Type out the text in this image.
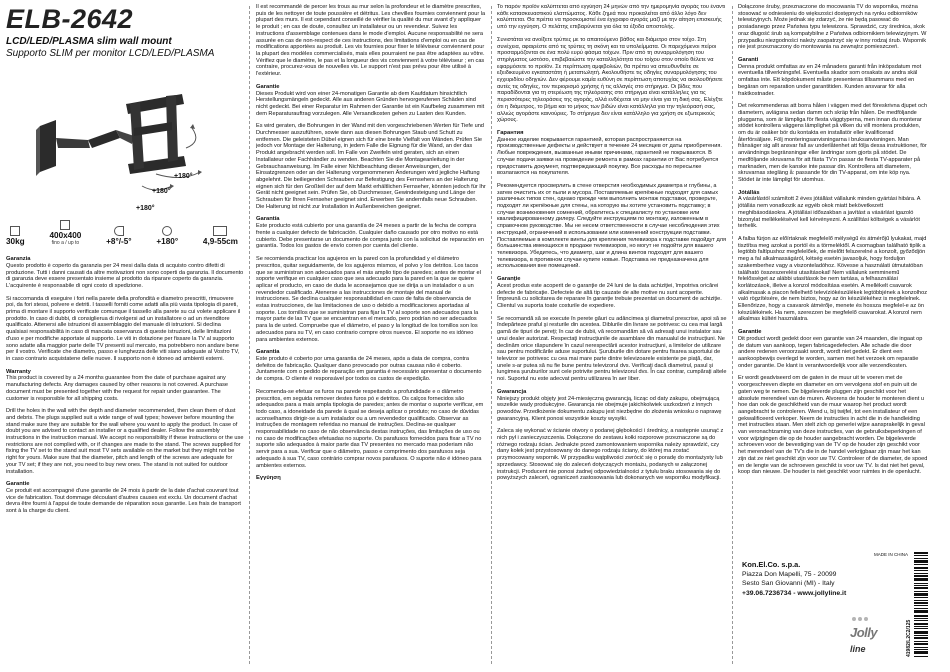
ELB-2642
LCD/LED/PLASMA slim wall mount
Supporto SLIM per monitor LCD/LED/PLASMA
+180°
+180°
+180°
30kg
400x400
fino a / up to	+8°/-5°	+180°	4,9-55cm
Garanzia

Questo prodotto è coperto da garanzia per 24 mesi dalla data di acquisto contro difetti di produzione. Tutti i danni causati da altre motivazioni non sono coperti da garanzia. Il documento di garanzia deve essere presentato insieme al prodotto da riparare coperto da garanzia. L'acquirente è responsabile di ogni costo di spedizione.

Si raccomanda di eseguire i fori nella parete della profondità e diametro prescritti, rimuovere poi, da fori stessi, polvere e detriti. I tasselli forniti come adatti alla più vasta tipologia di pareti, prima di montare il supporto verificate comunque il tassello alla parete su cui volete applicare il prodotto. In caso di dubbi, di consiglierua di rivolgersi ad un installatore o ad un rivenditore qualificato. Attenersi alle istruzioni di assemblaggio del manuale di istruzioni. Si declina qualsiasi responsabilità in caso di mancata osservanza di queste istruzioni, delle limitazioni d'uso e per modifiche apportate al supporto. Le viti in dotazione per fissare la TV al supporto sono adatte alla maggior parte delle TV presenti sul mercato, ma potrebbero non andare bene per il vostro. Verificate che diametro, passo e lunghezza delle viti siano adeguate al Vostro TV, in caso contrario acquistatene delle nuove. Il supporto non è idoneo ad ambienti esterni.

Warranty

This product is covered by a 24 months guarantee from the date of purchase against any manufacturing defects. Any damages caused by other reasons is not covered. A purchase document must be presented together with the request for repair under guarantee. The customer is responsible for all shipping costs.

Drill the holes in the wall with the depth and diameter recommended, then clean them of dust and debris. The plugs supplied suit a wide range of wall types; however before mounting the stand make sure they are suitable for the wall where you want to apply the product. In case of doubt you are advised to contact an installer or a qualified dealer. Follow the assembly instructions in the instruction manual. We accept no responsibility if these instructions or the use restrictions are not complied with, or if changes are made to the stand. The screws supplied for fixing the TV set to the stand suit most TV sets available on the market but they might not be right for yours. Make sure that the diameter, pitch and length of the screws are adequate for your TV set; if they are not, you need to buy new ones. The stand is not suited for outdoor installation.

Garantie

Ce produit est accompagné d'une garantie de 24 mois à partir de la date d'achat couvrant tout vice de fabrication. Tout dommage découlant d'autres causes est exclu. Un document d'achat devra être fourni à l'appui de toute demande de réparation sous garantie. Les frais de transport sont à la charge du client.

Il est recommandé de percer les trous au mur selon la profondeur et le diamètre prescrites, puis de les nettoyer de toute poussière et détritus. Les chevilles fournies conviennent pour la plupart des murs. Il est cependant conseillé de vérifier la qualité du mur avant d'y appliquer le produit ; en cas de doute, consultez un installateur ou un revendeur. Suivez les instructions d'assemblage contenues dans le mode d'emploi. Aucune responsabilité ne sera assurée en cas de non-respect de ces instructions, des limitations d'emploi ou en cas de modifications apportées au produit. Les vis fournies pour fixer le téléviseur conviennent pour la plupart des modèles commercialisés, mais elles pourraient ne pas être adaptées au vôtre. Vérifiez que le diamètre, le pas et la longueur des vis conviennent à votre téléviseur ; en cas contraire, procurez-vous de nouvelles vis. Le support n'est pas prévu pour être utilisé à l'extérieur.

Garantie

Dieses Produkt wird von einer 24-monatigen Garantie ab dem Kaufdatum hinsichtlich Herstellungsmängeln gedeckt. Alle aus anderen Gründen hervorgerufenen Schäden sind nicht gedeckt. Bei einer Reparatur im Rahmen der Garantie ist ein Kaufbeleg zusammen mit dem Reparaturauftrag vorzulegen. Alle Versandkosten gehen zu Lasten des Kunden.

Es wird geraten, die Bohrungen in der Wand mit den vorgeschriebenen Werten für Tiefe und Durchmesser auszuführen, sowie dann aus diesen Bohrungen Staub und Schutt zu entfernen. Die geleisteten Dübel eignen sich für eine breite Vielfalt von Wänden. Prüfen Sie jedoch vor Montage der Halterung, in jedem Falle die Eignung für die Wand, an der das Produkt angebracht werden soll. Im Falle von Zweifeln wird geraten, sich an einen Installateur oder Fachhändler zu wenden. Beachten Sie die Montageanleitung in der Gebrauchsanweisung. Im Falle einer Nichtbeachtung dieser Anweisungen, der Einsatzgrenzen oder an der Halterung vorgenommenen Änderungen wird jegliche Haftung abgelehnt. Die beiliegenden Schrauben zur Befestigung des Fernsehers an der Halterung eignen sich für den Großteil der auf dem Markt erhältlichen Fernseher, könnten jedoch für Ihr Gerät nicht geeignet sein. Prüfen Sie, ob Durchmesser, Gewindesteigung und Länge der Schrauben für Ihren Fernseher geeignet sind. Erwerben Sie andernfalls neue Schrauben. Die Halterung ist nicht zur Installation in Außenbereichen geeignet.

Garantía

Este producto está cubierto por una garantía de 24 meses a partir de la fecha de compra frente a cualquier defecto de fabricación. Cualquier daño causado por otro motivo no está cubierto. Debe presentarse un documento de compra junto con la solicitud de reparación en garantía. Todos los gastos de envío corren por cuenta del cliente.

Se recomienda practicar los agujeros en la pared con la profundidad y el diámetro prescritos, quitar seguidamente, de los agujeros mismos, el polvo y los detritos. Los tacos que se suministran son adecuados para el más amplio tipo de paredes; antes de montar el soporte verifique en cualquier caso que sea adecuado para la pared en la que se quiere aplicar el producto, en caso de duda le aconsejamos que se dirija a un instalador o a un revendedor cualificado. Atenerse a las instrucciones de montaje del manual de instrucciones. Se declina cualquier responsabilidad en caso de falta de observancia de estas instrucciones, de las limitaciones de uso o debido a modificaciones aportadas al soporte. Los tornillos que se suministran para fijar la TV al soporte son adecuados para la mayor parte de las TV que se encuentran en el mercado, pero podrían no ser adecuados para la de usted. Compruebe que el diámetro, el paso y la longitud de los tornillos son los adecuados para su TV, en caso contrario compre otros nuevos. El soporte no es idóneo para ambientes externos.

Garantia

Este produto é coberto por uma garantia de 24 meses, após a data de compra, contra defeitos de fabricação. Qualquer dano provocado por outras causas não é coberto. Juntamente com o pedido de reparação em garantia é necessário apresentar o documento de compra. O cliente é responsável por todos os custos de expedição.

Recomenda-se efetuar os furos na parede respeitando a profundidade e o diâmetro prescritos, em seguida remover destes furos pó e detritos. Os calços fornecidos são adequados para a mais ampla tipologia de paredes; antes de montar o suporte verificar, em todo caso, a idoneidade da parede à qual se deseja aplicar o produto; no caso de dúvidas aconselhamos dirigir-se a um instalador ou a um revendedor qualificado. Observar as instruções de montagem referidas no manual de instruções. Declina-se qualquer responsabilidade no caso de não observância destas instruções, das limitações de uso ou no caso de modificações efetuadas no suporte. Os parafusos fornecidos para fixar a TV no suporte são adequados à maior parte das TV presentes no mercado mas poderiam não servir para a sua. Verificar que o diâmetro, passo e comprimento dos parafusos seja adequado à sua TV, caso contrário comprar novos parafusos. O suporte não é idóneo para ambientes externos.

Εγγύηση

Το παρόν προϊόν καλύπτεται από εγγύηση 24 μηνών από την ημερομηνία αγοράς του έναντι κάθε κατασκευαστικού ελαττώματος. Κάθε ζημιά που προκαλείται από άλλο λόγο δεν καλύπτεται. Θα πρέπει να προσκομιστεί ένα έγγραφο αγοράς μαζί με την αίτηση επισκευής υπό την εγγύηση. Ο πελάτης επιβαρύνεται για όλα τα έξοδα αποστολής.

Συνιστάται να ανοίξετε τρύπες με το απαιτούμενο βάθος και διάμετρο στον τοίχο. Στη συνέχεια, αφαιρέστε από τις τρύπες τη σκόνη και τα υπολείμματα. Οι παρεχόμενοι πείροι προσαρμόζονται σε ένα πολύ ευρύ φάσμα τοίχων. Πριν από τη συναρμολόγηση του στηρίγματος ωστόσο, επιβεβαιώστε την καταλληλότητα του τοίχου στον οποίο θέλετε να εφαρμόσετε το προϊόν. Σε περίπτωση αμφιβολιών, θα πρέπει να απευθυνθείτε σε εξειδικευμένο εγκαταστάτη ή μεταπωλητή. Ακολουθήστε τις οδηγίες συναρμολόγησης του εγχειριδίου οδηγιών. Δεν φέρουμε καμία ευθύνη σε περίπτωση αποτυχίας να ακολουθήσετε αυτές τις οδηγίες, τον περιορισμό χρήσης ή τις αλλαγές στο στήριγμα. Οι βίδες που παραδίδονται για τη στερέωση της τηλεόρασης στο στήριγμα είναι κατάλληλες για τις περισσότερες τηλεοράσεις της αγοράς, αλλά ενδέχεται να μην είναι για τη δική σας. Ελέγξτε ότι η διάμετρος, το βήμα και το μήκος των βιδών είναι κατάλληλα για την τηλεόρασή σας, αλλιώς αγοράστε καινούριες. Το στήριγμα δεν είναι κατάλληλο για χρήση σε εξωτερικούς χώρους.

Гарантия

Данное изделие покрывается гарантией, которая распространяется на производственные дефекты и действует в течение 24 месяцев от даты приобретения. Любые повреждения, вызванные иными причинами, гарантией не покрываются. В случае подачи заявки на проведение ремонта в рамках гарантии от Вас потребуется предоставить документ, подтверждающий покупку. Все расходы по пересылке возлагаются на покупателя.

Рекомендуется просверлить в стене отверстия необходимых диаметра и глубины, а затем очистить их от пыли и мусора. Поставляемые крепёжные подходят для самых различных типов стен, однако прежде чем выполнить монтаж подставки, проверьте, подходят ли крепёжные для стены, на которую вы хотите установить подставку; в случае возникновения сомнений, обратитесь к специалисту по установке или квалифицированному дилеру. Следуйте инструкциям по монтажу, изложенным в справочном руководстве. Мы не несем ответственности в случае несоблюдения этих инструкций, ограничений в использовании или изменений конструкции подставки. Поставляемые в комплекте винты для крепления телевизора к подставке подойдут для большинства имеющихся в продаже телевизоров, но могут не подойти для вашего телевизора. Убедитесь, что диаметр, шаг и длина винтов подходят для вашего телевизора, в противном случае купите новые. Подставка не предназначена для использования вне помещений.

Garanţie

Acest produs este acoperit de o garanţie de 24 luni de la data achiziţiei, împotriva oricărei defecte de fabricaţie. Defectele de altă tip cauzate de alte motive nu sunt acoperite. Împreună cu solicitarea de reparare în garanţie trebuie prezentat un document de achiziţie. Clientul va suporta toate costurile de expediere.

Se recomandă să se execute în perete găuri cu adâncimea şi diametrul prescrise, apoi să se îndepărteze praful şi resturile din acestea. Diblurile din livrare se potrivesc cu cea mai largă gamă de tipuri de pereţi; în caz de dubii, vă recomandăm să vă adresaţi unui instalator sau unui dealer autorizat. Respectaţi instrucţiunile de asamblare din manualul de instrucţiuni. Ne declinăm orice răspundere în cazul nerespectării acestor instrucţiuni, a limitelor de utilizare sau pentru modificările aduse suportului. Şuruburile din dotare pentru fixarea suportului de televizor se potrivesc cu cea mai mare parte dintre televizoarele existente pe piaţă, dar, unele s-ar putea să nu fie bune pentru televizorul dvs. Verificaţi dacă diametrul, pasul şi lungimea şuruburilor sunt cele potrivite pentru televizorul dvs. În caz contrar, cumpăraţi altele noi. Suportul nu este adecvat pentru utilizarea în aer liber.

Gwarancja

Niniejszy produkt objęty jest 24-miesięczną gwarancją, licząc od daty zakupu, obejmującą wszelkie wady produkcyjne. Gwarancja nie obejmuje jakichkolwiek uszkodzeń z innych powodów. Przedłożenie dokumentu zakupu jest niezbędne do złożenia wniosku o naprawę gwarancyjną. Klient ponosi wszystkie koszty wysyłki.

Zaleca się wykonać w ścianie otwory o podanej głębokości i średnicy, a następnie usunąć z nich pył i zanieczyszczenia. Dołączone do zestawu kołki rozporowe przeznaczone są do różnego rodzaju ścian. Jednakże przed zamontowaniem wspornika należy sprawdzić, czy dany kołek jest przystosowany do danego rodzaju ściany, do której ma zostać przymocowany wspornik. W przypadku wątpliwości zwrócić się o poradę do montażysty lub sprzedawcy. Stosować się do zaleceń dotyczących montażu, podanych w załączonej instrukcji. Producent nie ponosi żadnej odpowiedzialności z tytułu braku stosowania się do powyższych zaleceń, ograniczeń zastosowania lub dokonanych we wsporniku modyfikacji.

Dołączone śruby, przeznaczone do mocowania TV do wspornika, można stosować w odniesieniu do większości dostępnych na rynku odbiorników telewizyjnych. Może jednak się zdarzyć, że nie będą pasować do posiadanego przez Państwa typu telewizora. Sprawdzić, czy średnica, skok oraz długość śrub są kompatybilne z Państwa odbiornikiem telewizyjnym. W przypadku niezgodności należy zaopatrzyć się w inny rodzaj śrub. Wspornik nie jest przeznaczony do montowania na zewnątrz pomieszczeń.

Garanti

Denna produkt omfattas av en 24 månaders garanti från inköpsdatum mot eventuella tillverkningsfel. Eventuella skador som orsakats av andra skäl omfattas inte. Ett köpdokument måste presenteras tillsammans med en begäran om reparation under garantitiden. Kunden ansvarar för alla fraktkostnader.

Det rekommenderas att borra hålen i väggen med det föreskrivna djupet och diametern, avlägsna sedan damm och skräp från hålen. De medföljande pluggarna, som är lämpliga för flesta väggtyperna, men innan du monterar stödet kontrollera väggens lämplighet på vilken du vill montera produkten, om du är osäker bör du kontakta en installatör eller kvalificerad återförsäljare. Följ monteringsanvisningarna i bruksanvisningen. Man frånsäger sig allt ansvar fall av underlåtenhet att följa dessa instruktioner, för användnings begränsningar eller ändringar som gjorts på stödet. De medföljande skruvarna för att fästa TV:n passar de flesta TV-apparater på marknaden, men de kanske inte passar din. Kontrollera att diametern, skruvarnas stegläng å: passande för din TV-apparat, om inte köp nya. Stödet är inte lämpligt för utomhus.

Jótállás

A vásárlástól számított 2 éves jótállást vállalunk minden gyártási hibára. A jótállás nem vonatkozik az egyéb okok miatt bekövetkezett meghibásodásokra. A jótállási időszakban a javítást a vásárlást igazoló bizonylat mellékelésével kell kérvényezni. A szállítási költségek a vásárlót terhelik.

A falba fúrjon az előírtaknak megfelelő mélységű és átmérőjű lyukakat, majd tisztítsa meg azokat a portól és a törmeléktől. A csomagban található tiplik a legtöbb faltípushoz megfelelőek, de mielőtt felszerelné a konzolt, győződjön meg a fal alkalmasságáról, kétség esetén javasoljuk, hogy forduljon szakemberhez vagy a viszonteladóhoz. Kövesse a használati útmutatóban található összeszerelési utasításokat! Nem vállalunk semminemű felelősséget az alábbi utasítások be nem tartása, a felhasználási korlátozások, illetve a konzol módosítása esetén. A mellékelt csavarok alkalmasak a piacon fellelhető televíziókészülékek legtöbbjének a konzolhoz való rögzítésére, de nem biztos, hogy az ön készülékéhez is megfelelnek. Ellenőrizze, hogy a csavarok átmérője, menete és hossza megfelel-e az ön készülékének. Ha nem, szerezzen be megfelelő csavarokat. A konzol nem alkalmas kültéri használatra.

Garantie

Dit product wordt gedekt door een garantie van 24 maanden, die ingaat op de datum van aankoop, tegen fabricagedefecten. Alle schade die door andere redenen veroorzaakt wordt, wordt niet gedekt. Er dient een aankoopbewijs overlegd te worden, samen met het verzoek om reparatie onder garantie. De klant is verantwoordelijk voor alle verzendkosten.

Er wordt geadviseerd om de gaten in de muur uit te voeren met de voorgeschreven diepte en diameter en om vervolgens stof en puin uit de gaten weg te nemen. De bijgeleverde pluggen zijn geschikt voor het absolute merendeel van de muren. Alvorens de houder te monteren dient u hoe dan ook de geschiktheid van de muur waarop het product wordt aangebracht te controleren. Wend u, bij twijfel, tot een installateur of een gekwalificeerd verkoper. Neem de instructies in acht die in de handleiding met instructies staan. Men stelt zich op generlei wijze aansprakelijk in geval van veronachtzaming van deze instructies, van de gebruiksbeperkingen of voor wijzigingen die op de houder aangebracht worden. De bijgeleverde schroeven voor de bevestiging van de TV op de houder zijn geschikt voor het merendeel van de TV's die in de handel verkrijgbaar zijn maar het kan zijn dat ze niet geschikt zijn voor uw TV. Controleer of de diameter, de spoed en de lengte van de schroeven geschikt is voor uw TV. Is dat niet het geval, koop dan nieuwe. De houder is niet geschikt voor ruimtes in de openlucht.

Kon.El.Co. s.p.a.
Piazza Don Mapelli, 75 - 20099
Sesto San Giovanni (MI) - Italy
+39.06.7236734 - www.jollyline.it
Jolly
line
MADE IN CHINA
41982/L2C2/125
